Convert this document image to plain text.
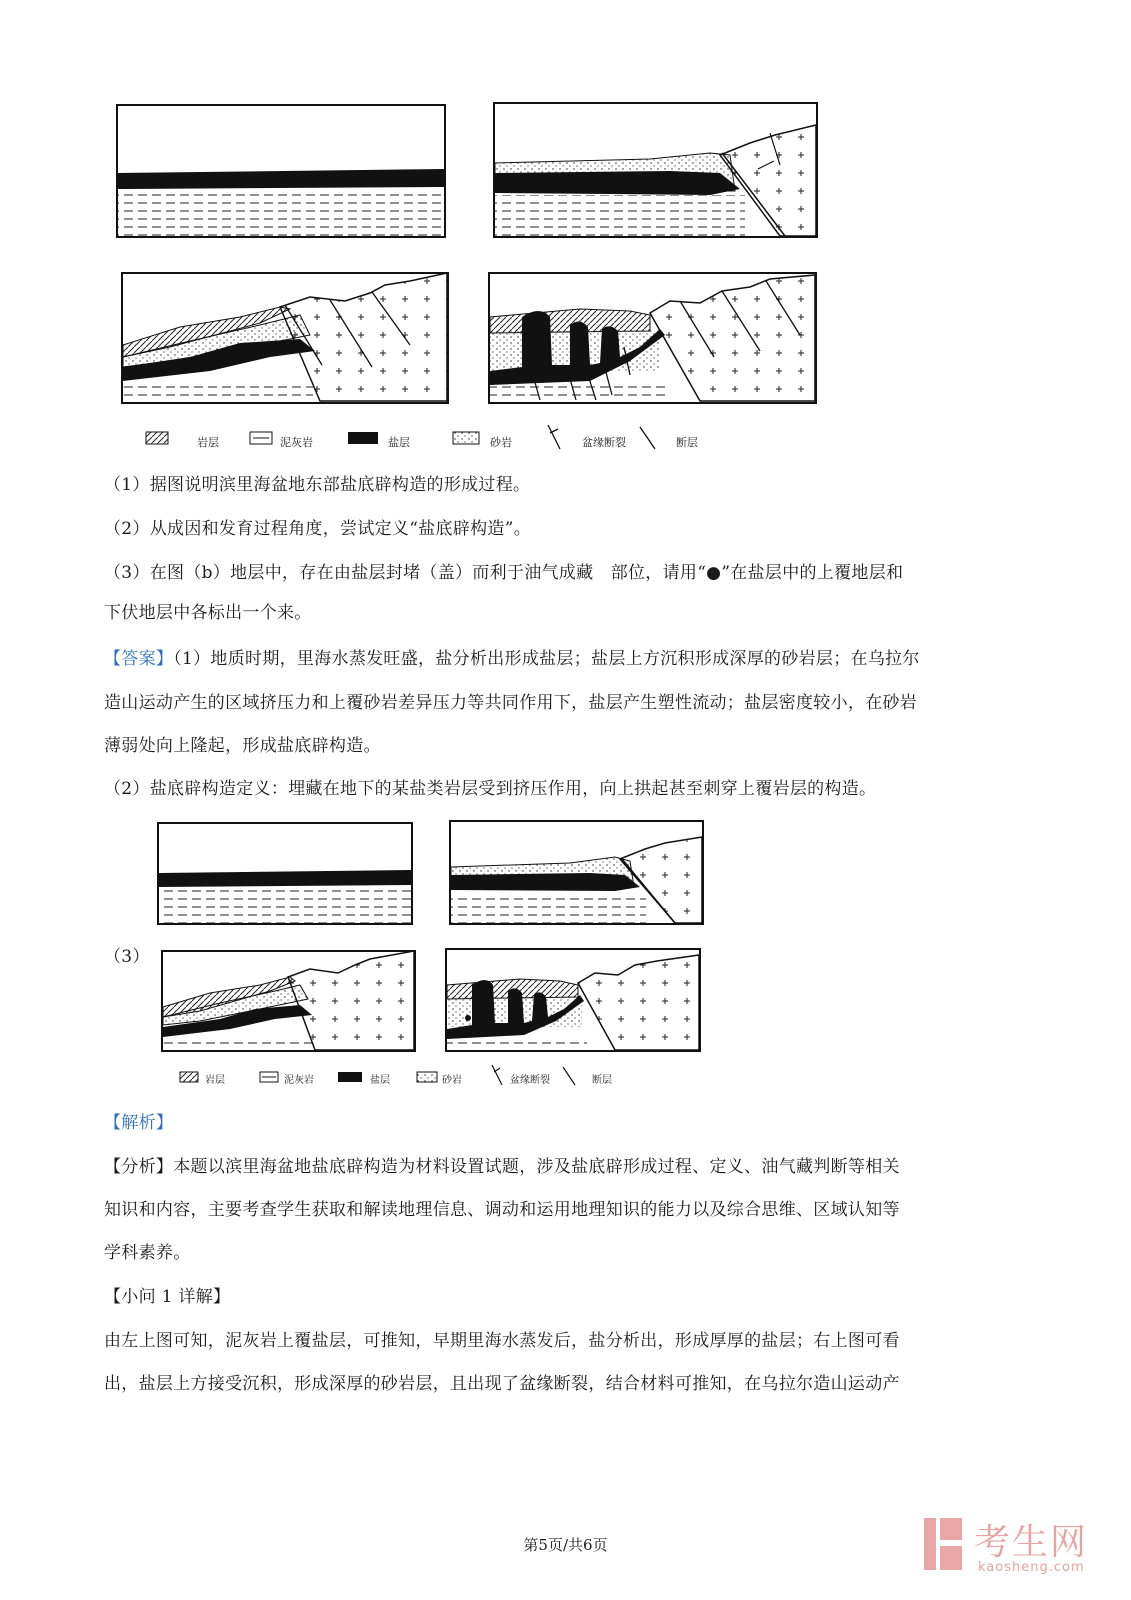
岩层	泥灰岩	盐层	砂岩	盆缘断裂	断层
（1）据图说明滨里海盆地东部盐底辟构造的形成过程。
（2）从成因和发育过程角度，尝试定义“盐底辟构造”。
（3）在图（b）地层中，存在由盐层封堵（盖）而利于油气成藏　部位，请用“●”在盐层中的上覆地层和
下伏地层中各标出一个来。
【答案】（1）地质时期，里海水蒸发旺盛，盐分析出形成盐层；盐层上方沉积形成深厚的砂岩层；在乌拉尔
造山运动产生的区域挤压力和上覆砂岩差异压力等共同作用下，盐层产生塑性流动；盐层密度较小，在砂岩
薄弱处向上隆起，形成盐底辟构造。
（2）盐底辟构造定义：埋藏在地下的某盐类岩层受到挤压作用，向上拱起甚至刺穿上覆岩层的构造。
（3）
岩层	泥灰岩	盐层	砂岩	盆缘断裂	断层
【解析】
【分析】本题以滨里海盆地盐底辟构造为材料设置试题，涉及盐底辟形成过程、定义、油气藏判断等相关
知识和内容，主要考查学生获取和解读地理信息、调动和运用地理知识的能力以及综合思维、区域认知等
学科素养。
【小问 1 详解】
由左上图可知，泥灰岩上覆盐层，可推知，早期里海水蒸发后，盐分析出，形成厚厚的盐层；右上图可看
出，盐层上方接受沉积，形成深厚的砂岩层，且出现了盆缘断裂，结合材料可推知，在乌拉尔造山运动产
第5页/共6页	考生网
kaosheng.com
